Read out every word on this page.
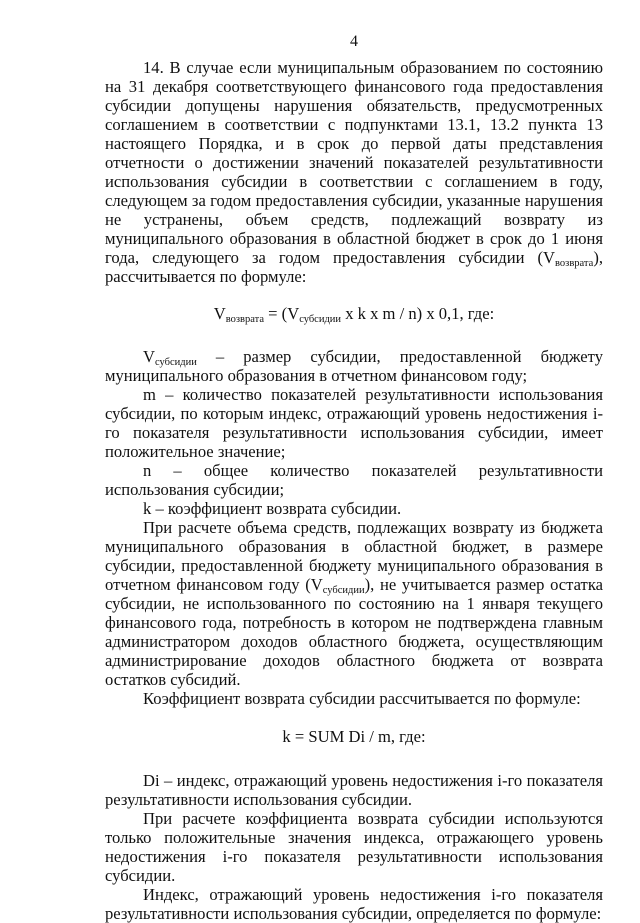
4

14. В случае если муниципальным образованием по состоянию на 31 декабря соответствующего финансового года предоставления субсидии допущены нарушения обязательств, предусмотренных соглашением в соответствии с подпунктами 13.1, 13.2 пункта 13 настоящего Порядка, и в срок до первой даты представления отчетности о достижении значений показателей результативности использования субсидии в соответствии с соглашением в году, следующем за годом предоставления субсидии, указанные нарушения не устранены, объем средств, подлежащий возврату из муниципального образования в областной бюджет в срок до 1 июня года, следующего за годом предоставления субсидии $(V_{возврата})$, рассчитывается по формуле:

$V_{возврата} = (V_{субсидии}$ x k x m / n) x 0,1, где:

$V_{субсидии}$ – размер субсидии, предоставленной бюджету муниципального образования в отчетном финансовом году;

m – количество показателей результативности использования субсидии, по которым индекс, отражающий уровень недостижения i-го показателя результативности использования субсидии, имеет положительное значение;

n – общее количество показателей результативности использования субсидии;

k – коэффициент возврата субсидии.

При расчете объема средств, подлежащих возврату из бюджета муниципального образования в областной бюджет, в размере субсидии, предоставленной бюджету муниципального образования в отчетном финансовом году $(V_{субсидии})$, не учитывается размер остатка субсидии, не использованного по состоянию на 1 января текущего финансового года, потребность в котором не подтверждена главным администратором доходов областного бюджета, осуществляющим администрирование доходов областного бюджета от возврата остатков субсидий.

Коэффициент возврата субсидии рассчитывается по формуле:

k = SUM Di / m, где:

Di – индекс, отражающий уровень недостижения i-го показателя результативности использования субсидии.

При расчете коэффициента возврата субсидии используются только положительные значения индекса, отражающего уровень недостижения i-го показателя результативности использования субсидии.

Индекс, отражающий уровень недостижения i-го показателя результативности использования субсидии, определяется по формуле:
